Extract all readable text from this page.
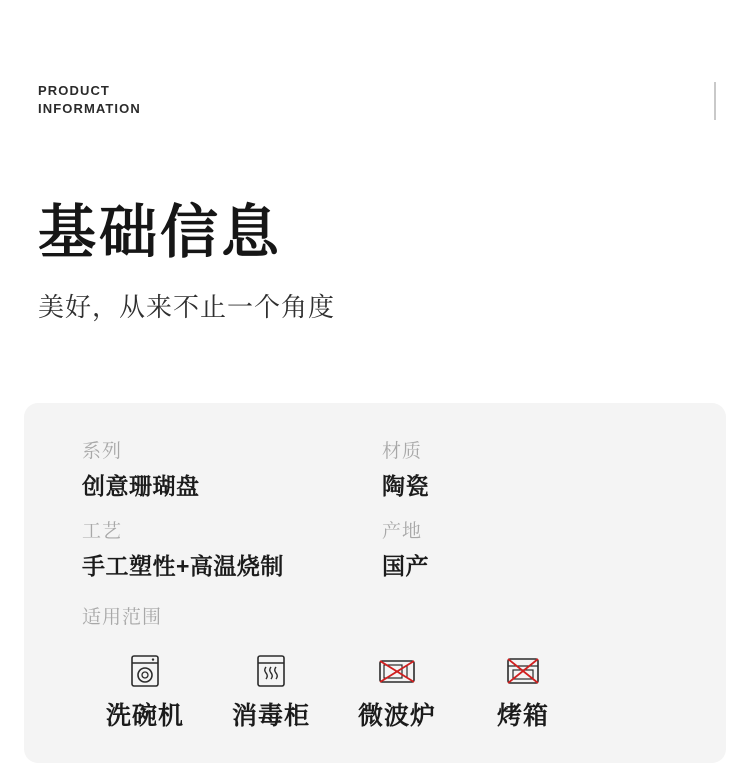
PRODUCT
INFORMATION
基础信息
美好，从来不止一个角度
系列
创意珊瑚盘
材质
陶瓷
工艺
手工塑性+高温烧制
产地
国产
适用范围
洗碗机	消毒柜	微波炉	烤箱
